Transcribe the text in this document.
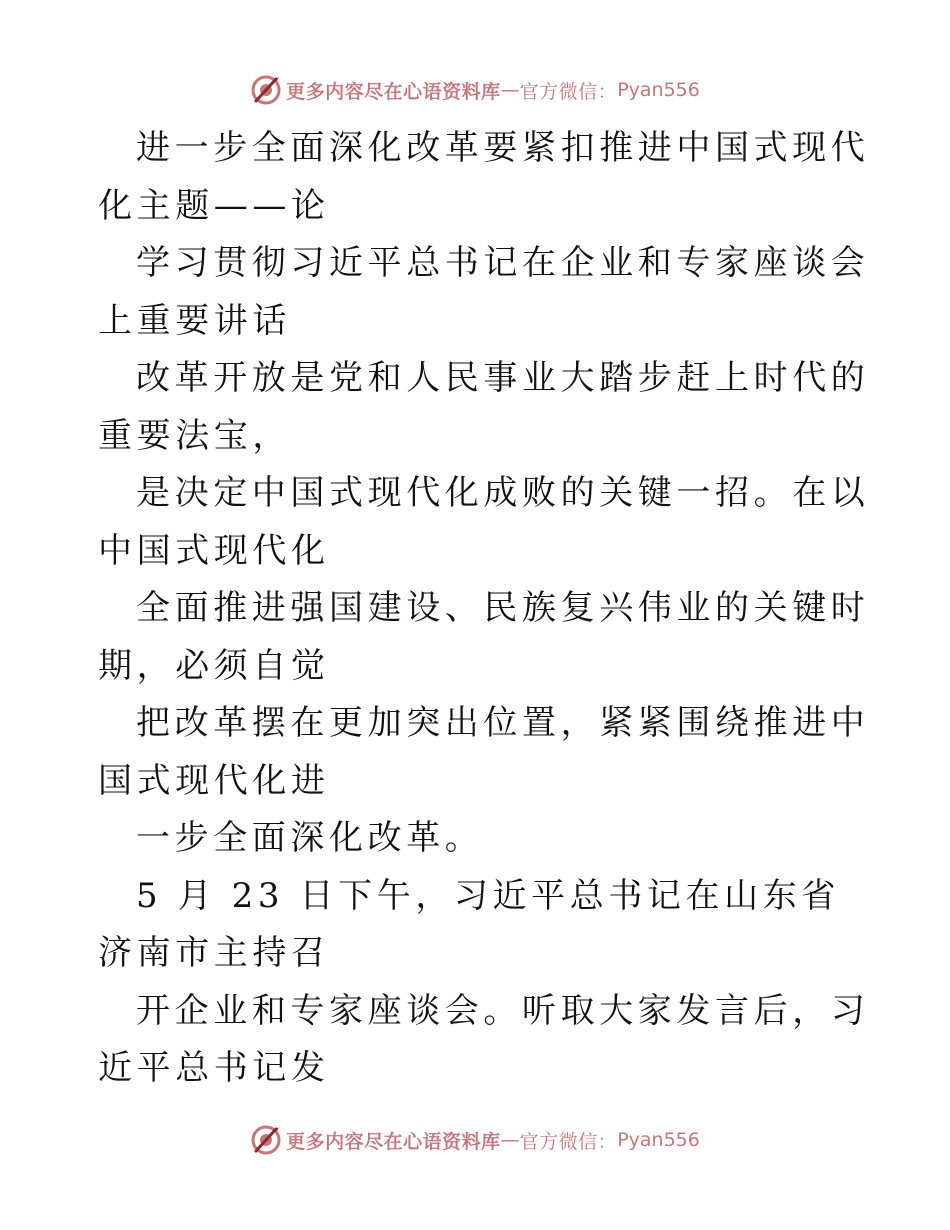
更多内容尽在心语资料库 — 官方微信： Pyan556

进一步全面深化改革要紧扣推进中国式现代化主题——论

学习贯彻习近平总书记在企业和专家座谈会上重要讲话

改革开放是党和人民事业大踏步赶上时代的重要法宝，

是决定中国式现代化成败的关键一招。在以中国式现代化

全面推进强国建设、民族复兴伟业的关键时期，必须自觉

把改革摆在更加突出位置，紧紧围绕推进中国式现代化进

一步全面深化改革。

5 月 23 日下午，习近平总书记在山东省济南市主持召

开企业和专家座谈会。听取大家发言后，习近平总书记发

更多内容尽在心语资料库 — 官方微信： Pyan556
